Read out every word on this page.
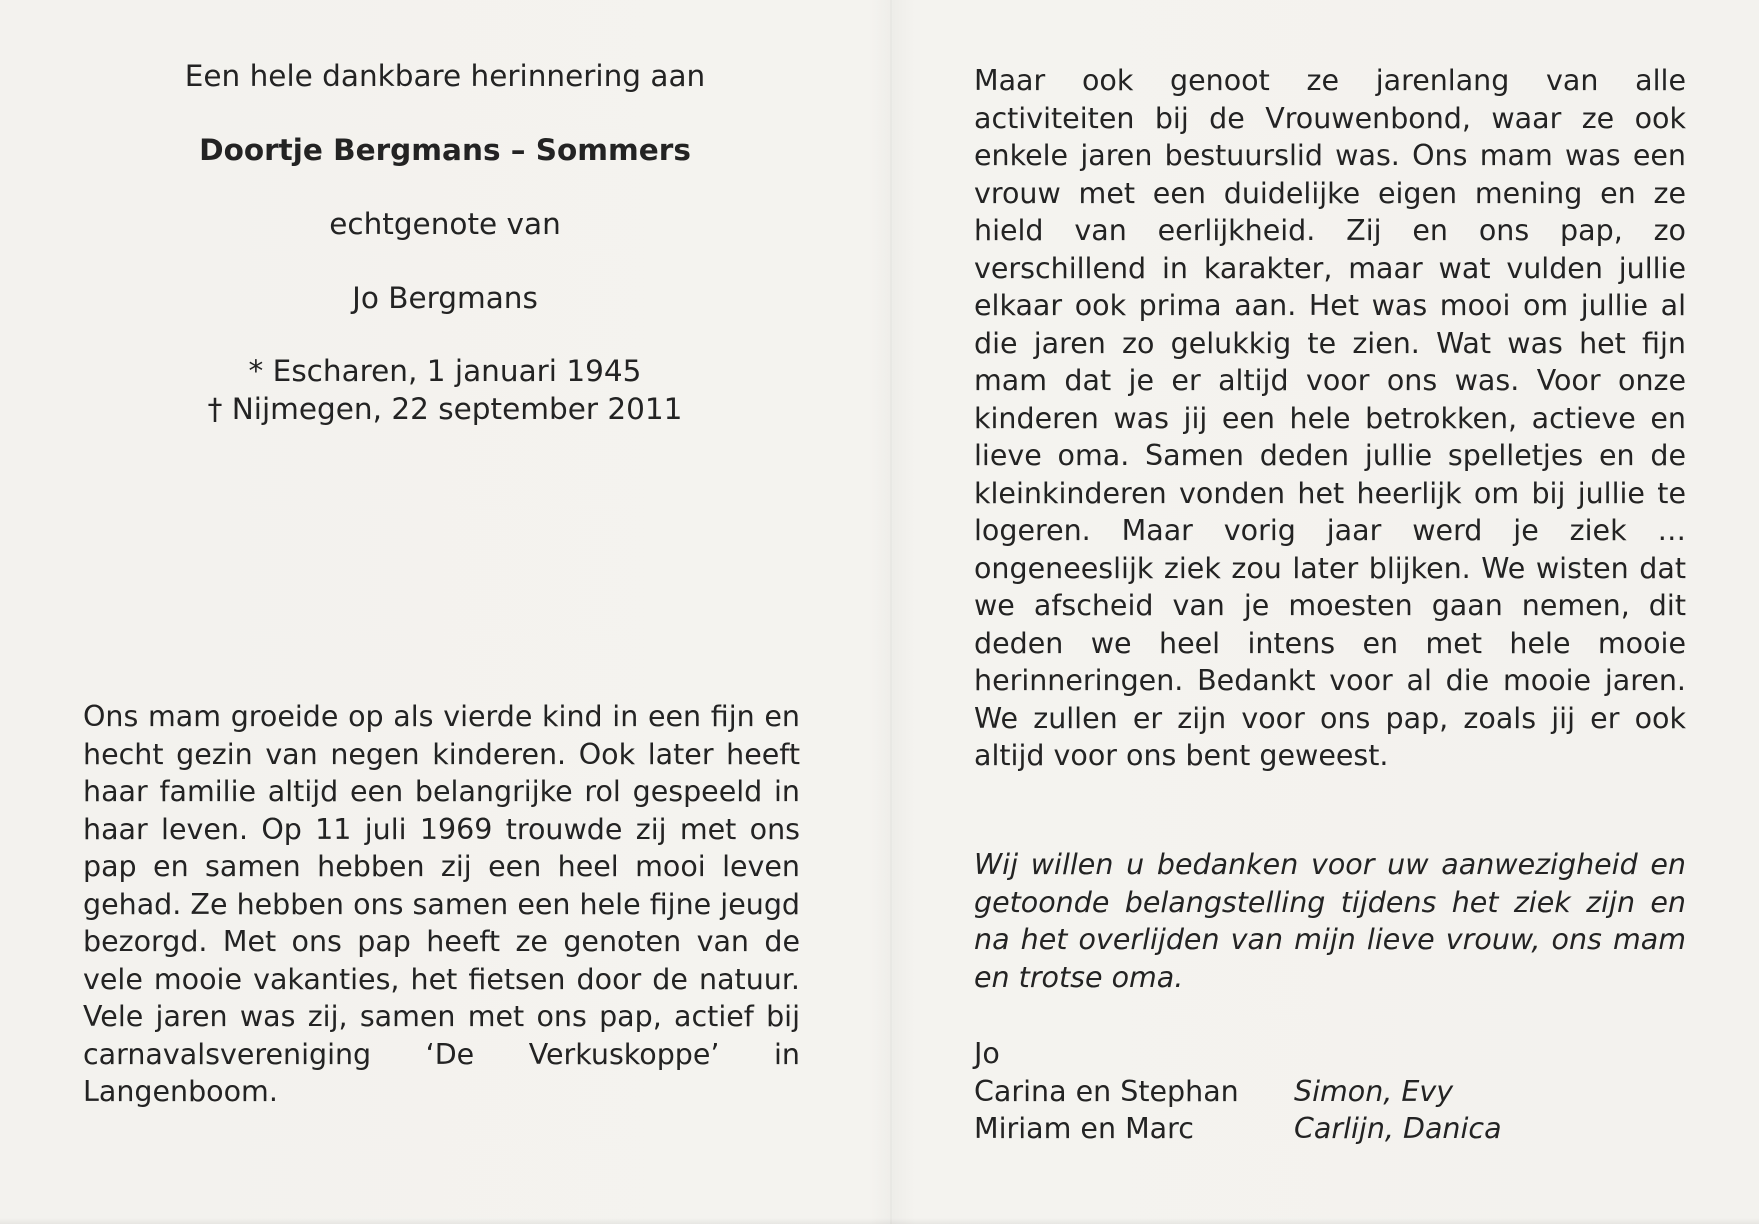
Een hele dankbare herinnering aan
Doortje Bergmans – Sommers
echtgenote van
Jo Bergmans
* Escharen, 1 januari 1945
† Nijmegen, 22 september 2011
Ons mam groeide op als vierde kind in een fijn en hecht gezin van negen kinderen. Ook later heeft haar familie altijd een belangrijke rol gespeeld in haar leven. Op 11 juli 1969 trouwde zij met ons pap en samen hebben zij een heel mooi leven gehad. Ze hebben ons samen een hele fijne jeugd bezorgd. Met ons pap heeft ze genoten van de vele mooie vakanties, het fietsen door de natuur. Vele jaren was zij, samen met ons pap, actief bij carnavalsvereniging ‘De Verkuskoppe’ in Langenboom.
Maar ook genoot ze jarenlang van alle activiteiten bij de Vrouwenbond, waar ze ook enkele jaren bestuurslid was. Ons mam was een vrouw met een duidelijke eigen mening en ze hield van eerlijkheid. Zij en ons pap, zo verschillend in karakter, maar wat vulden jullie elkaar ook prima aan. Het was mooi om jullie al die jaren zo gelukkig te zien. Wat was het fijn mam dat je er altijd voor ons was. Voor onze kinderen was jij een hele betrokken, actieve en lieve oma. Samen deden jullie spelletjes en de kleinkinderen vonden het heerlijk om bij jullie te logeren. Maar vorig jaar werd je ziek … ongeneeslijk ziek zou later blijken. We wisten dat we afscheid van je moesten gaan nemen, dit deden we heel intens en met hele mooie herinneringen. Bedankt voor al die mooie jaren. We zullen er zijn voor ons pap, zoals jij er ook altijd voor ons bent geweest.
Wij willen u bedanken voor uw aanwezigheid en getoonde belangstelling tijdens het ziek zijn en na het overlijden van mijn lieve vrouw, ons mam en trotse oma.
Jo
Carina en Stephan	Simon, Evy
Miriam en Marc	Carlijn, Danica
